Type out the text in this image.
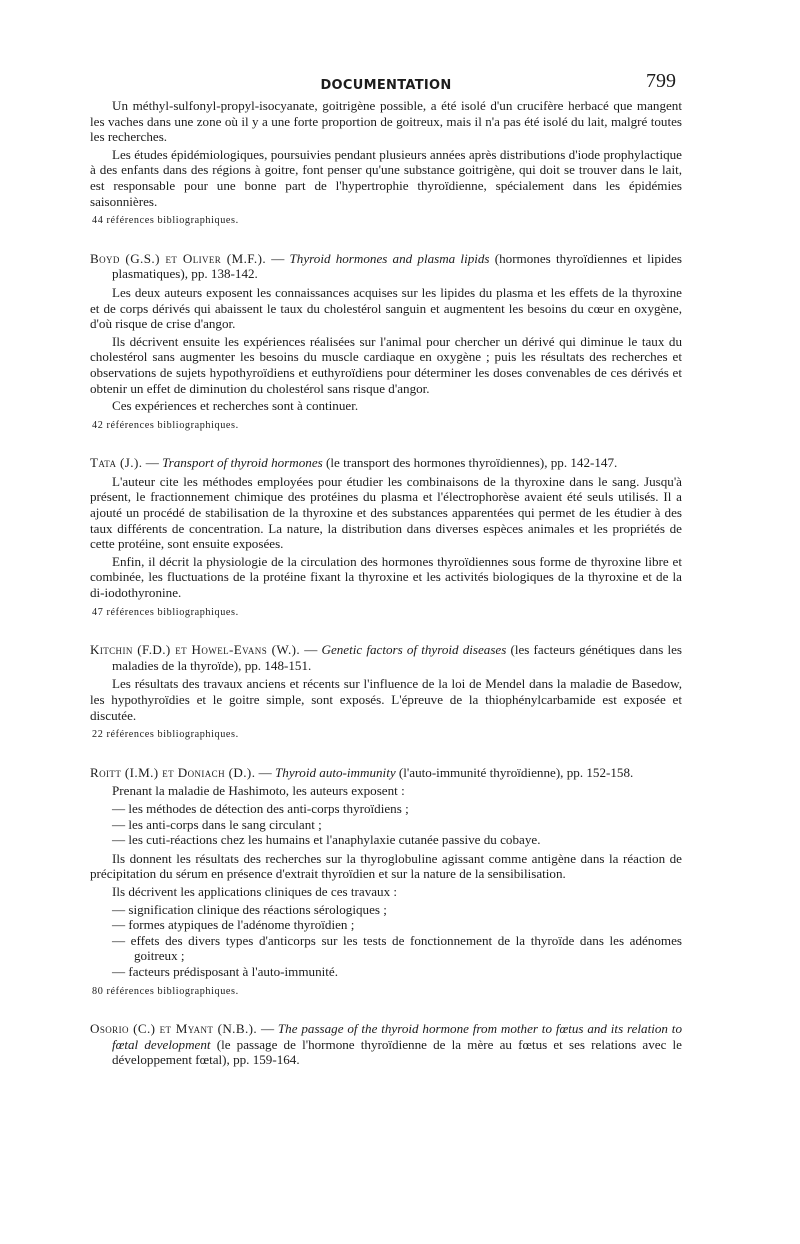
DOCUMENTATION	799

Un méthyl-sulfonyl-propyl-isocyanate, goitrigène possible, a été isolé d'un crucifère herbacé que mangent les vaches dans une zone où il y a une forte proportion de goitreux, mais il n'a pas été isolé du lait, malgré toutes les recherches.

Les études épidémiologiques, poursuivies pendant plusieurs années après distributions d'iode prophylactique à des enfants dans des régions à goitre, font penser qu'une substance goitrigène, qui doit se trouver dans le lait, est responsable pour une bonne part de l'hypertrophie thyroïdienne, spécialement dans les épidémies saisonnières.

44 références bibliographiques.

Boyd (G.S.) et Oliver (M.F.). — Thyroid hormones and plasma lipids (hormones thyroïdiennes et lipides plasmatiques), pp. 138-142.

Les deux auteurs exposent les connaissances acquises sur les lipides du plasma et les effets de la thyroxine et de corps dérivés qui abaissent le taux du cholestérol sanguin et augmentent les besoins du cœur en oxygène, d'où risque de crise d'angor.

Ils décrivent ensuite les expériences réalisées sur l'animal pour chercher un dérivé qui diminue le taux du cholestérol sans augmenter les besoins du muscle cardiaque en oxygène ; puis les résultats des recherches et observations de sujets hypothyroïdiens et euthyroïdiens pour déterminer les doses convenables de ces dérivés et obtenir un effet de diminution du cholestérol sans risque d'angor.

Ces expériences et recherches sont à continuer.

42 références bibliographiques.

Tata (J.). — Transport of thyroid hormones (le transport des hormones thyroïdiennes), pp. 142-147.

L'auteur cite les méthodes employées pour étudier les combinaisons de la thyroxine dans le sang. Jusqu'à présent, le fractionnement chimique des protéines du plasma et l'électrophorèse avaient été seuls utilisés. Il a ajouté un procédé de stabilisation de la thyroxine et des substances apparentées qui permet de les étudier à des taux différents de concentration. La nature, la distribution dans diverses espèces animales et les propriétés de cette protéine, sont ensuite exposées.

Enfin, il décrit la physiologie de la circulation des hormones thyroïdiennes sous forme de thyroxine libre et combinée, les fluctuations de la protéine fixant la thyroxine et les activités biologiques de la thyroxine et de la di-iodothyronine.

47 références bibliographiques.

Kitchin (F.D.) et Howel-Evans (W.). — Genetic factors of thyroid diseases (les facteurs génétiques dans les maladies de la thyroïde), pp. 148-151.

Les résultats des travaux anciens et récents sur l'influence de la loi de Mendel dans la maladie de Basedow, les hypothyroïdies et le goitre simple, sont exposés. L'épreuve de la thiophénylcarbamide est exposée et discutée.

22 références bibliographiques.

Roitt (I.M.) et Doniach (D.). — Thyroid auto-immunity (l'auto-immunité thyroïdienne), pp. 152-158.

Prenant la maladie de Hashimoto, les auteurs exposent :

— les méthodes de détection des anti-corps thyroïdiens ;

— les anti-corps dans le sang circulant ;

— les cuti-réactions chez les humains et l'anaphylaxie cutanée passive du cobaye.

Ils donnent les résultats des recherches sur la thyroglobuline agissant comme antigène dans la réaction de précipitation du sérum en présence d'extrait thyroïdien et sur la nature de la sensibilisation.

Ils décrivent les applications cliniques de ces travaux :

— signification clinique des réactions sérologiques ;

— formes atypiques de l'adénome thyroïdien ;

— effets des divers types d'anticorps sur les tests de fonctionnement de la thyroïde dans les adénomes goitreux ;

— facteurs prédisposant à l'auto-immunité.

80 références bibliographiques.

Osorio (C.) et Myant (N.B.). — The passage of the thyroid hormone from mother to fœtus and its relation to fœtal development (le passage de l'hormone thyroïdienne de la mère au fœtus et ses relations avec le développement fœtal), pp. 159-164.
